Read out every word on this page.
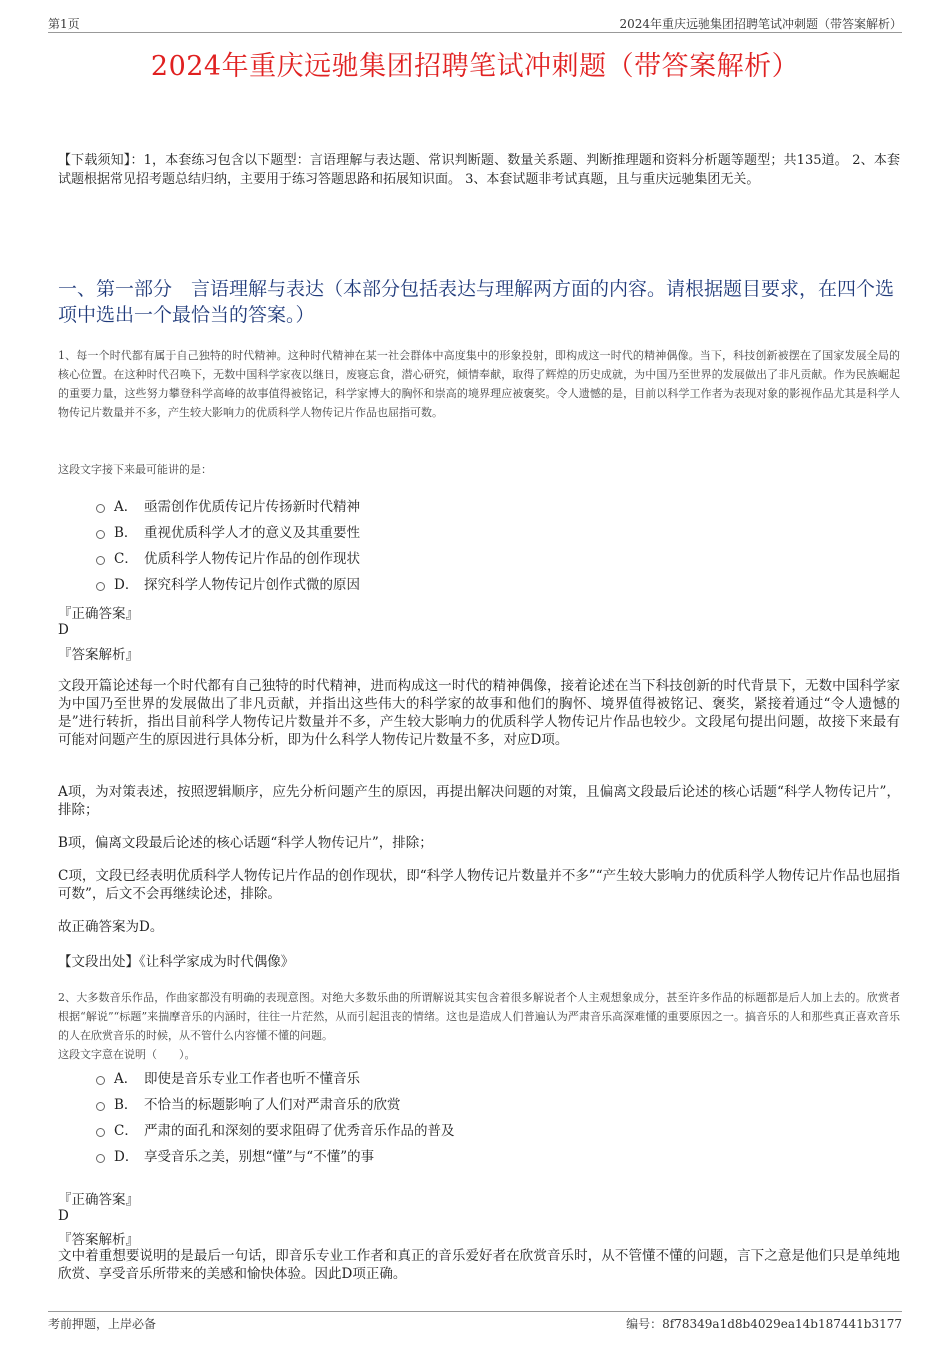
第1页	2024年重庆远驰集团招聘笔试冲刺题（带答案解析）
2024年重庆远驰集团招聘笔试冲刺题（带答案解析）
【下载须知】：1，本套练习包含以下题型：言语理解与表达题、常识判断题、数量关系题、判断推理题和资料分析题等题型；共135道。 2、本套试题根据常见招考题总结归纳，主要用于练习答题思路和拓展知识面。 3、本套试题非考试真题，且与重庆远驰集团无关。
一、第一部分　言语理解与表达（本部分包括表达与理解两方面的内容。请根据题目要求，在四个选项中选出一个最恰当的答案。）
1、每一个时代都有属于自己独特的时代精神。这种时代精神在某一社会群体中高度集中的形象投射，即构成这一时代的精神偶像。当下，科技创新被摆在了国家发展全局的核心位置。在这种时代召唤下，无数中国科学家夜以继日，废寝忘食，潜心研究，倾情奉献，取得了辉煌的历史成就，为中国乃至世界的发展做出了非凡贡献。作为民族崛起的重要力量，这些努力攀登科学高峰的故事值得被铭记，科学家博大的胸怀和崇高的境界理应被褒奖。令人遗憾的是，目前以科学工作者为表现对象的影视作品尤其是科学人物传记片数量并不多，产生较大影响力的优质科学人物传记片作品也屈指可数。
这段文字接下来最可能讲的是：
A． 亟需创作优质传记片传扬新时代精神
B． 重视优质科学人才的意义及其重要性
C． 优质科学人物传记片作品的创作现状
D． 探究科学人物传记片创作式微的原因
『正确答案』
D
『答案解析』
文段开篇论述每一个时代都有自己独特的时代精神，进而构成这一时代的精神偶像，接着论述在当下科技创新的时代背景下，无数中国科学家为中国乃至世界的发展做出了非凡贡献，并指出这些伟大的科学家的故事和他们的胸怀、境界值得被铭记、褒奖，紧接着通过“令人遗憾的是”进行转折，指出目前科学人物传记片数量并不多，产生较大影响力的优质科学人物传记片作品也较少。文段尾句提出问题，故接下来最有可能对问题产生的原因进行具体分析，即为什么科学人物传记片数量不多，对应D项。
A项，为对策表述，按照逻辑顺序，应先分析问题产生的原因，再提出解决问题的对策，且偏离文段最后论述的核心话题“科学人物传记片”，排除；
B项，偏离文段最后论述的核心话题“科学人物传记片”，排除；
C项，文段已经表明优质科学人物传记片作品的创作现状，即“科学人物传记片数量并不多”“产生较大影响力的优质科学人物传记片作品也屈指可数”，后文不会再继续论述，排除。
故正确答案为D。
【文段出处】《让科学家成为时代偶像》
2、大多数音乐作品，作曲家都没有明确的表现意图。对绝大多数乐曲的所谓解说其实包含着很多解说者个人主观想象成分，甚至许多作品的标题都是后人加上去的。欣赏者根据“解说”“标题”来揣摩音乐的内涵时，往往一片茫然，从而引起沮丧的情绪。这也是造成人们普遍认为严肃音乐高深难懂的重要原因之一。搞音乐的人和那些真正喜欢音乐的人在欣赏音乐的时候，从不管什么内容懂不懂的问题。
这段文字意在说明（　　）。
A． 即使是音乐专业工作者也听不懂音乐
B． 不恰当的标题影响了人们对严肃音乐的欣赏
C． 严肃的面孔和深刻的要求阻碍了优秀音乐作品的普及
D． 享受音乐之美，别想“懂”与“不懂”的事
『正确答案』
D
『答案解析』
文中着重想要说明的是最后一句话，即音乐专业工作者和真正的音乐爱好者在欣赏音乐时，从不管懂不懂的问题，言下之意是他们只是单纯地欣赏、享受音乐所带来的美感和愉快体验。因此D项正确。
考前押题，上岸必备	编号：8f78349a1d8b4029ea14b187441b3177
